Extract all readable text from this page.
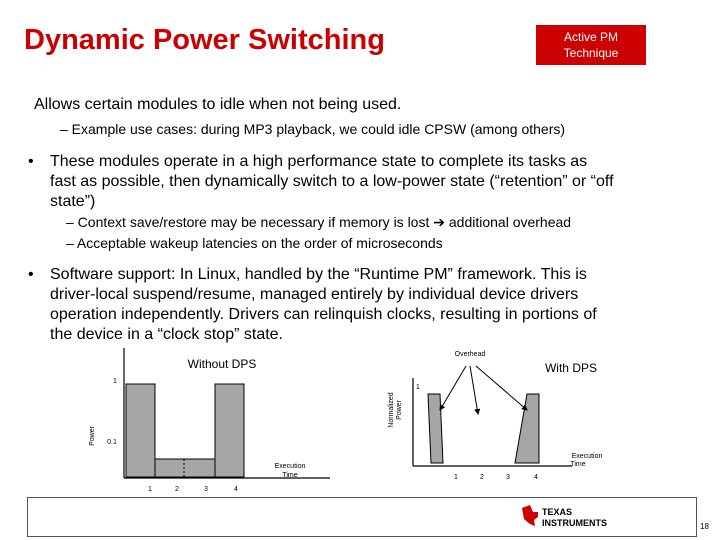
Dynamic Power Switching	Active PM
Technique
Allows certain modules to idle when not being used.
– Example use cases: during MP3 playback, we could idle CPSW (among others)
• These modules operate in a high performance state to complete its tasks as
fast as possible, then dynamically switch to a low-power state (“retention” or “off
state”)
– Context save/restore may be necessary if memory is lost ➔ additional overhead
– Acceptable wakeup latencies on the order of microseconds
• Software support: In Linux, handled by the “Runtime PM” framework. This is
driver-local suspend/resume, managed entirely by individual device drivers
operation independently. Drivers can relinquish clocks, resulting in portions of
the device in a “clock stop” state.
Without DPS
1
0.1
Power
Execution
Time
1	2	3	4
Overhead
With DPS
1
Normalized Power
Execution
Time
1	2	3	4
TEXAS
INSTRUMENTS	18
